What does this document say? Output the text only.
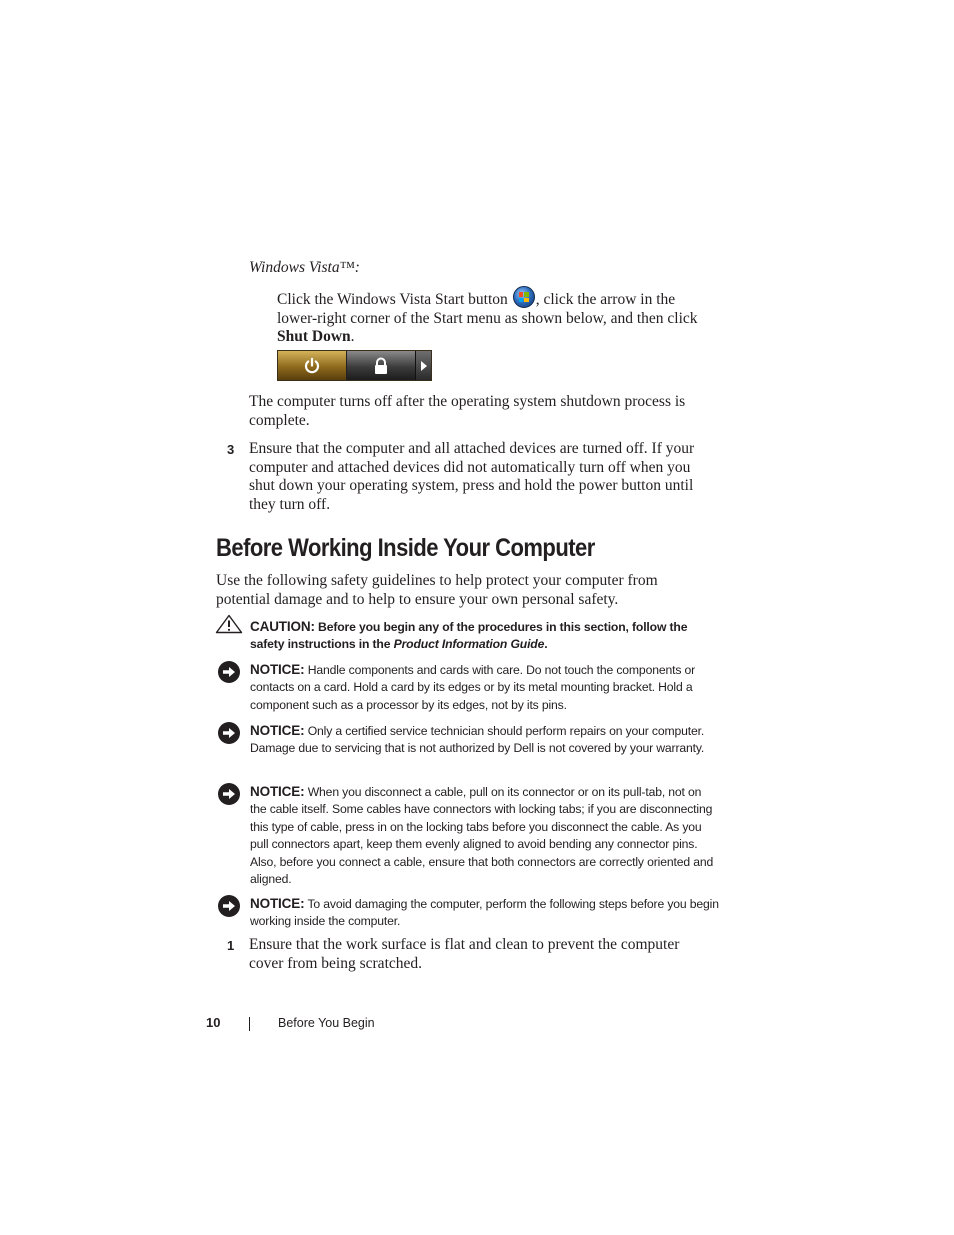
Windows Vista™:
Click the Windows Vista Start button , click the arrow in the lower-right corner of the Start menu as shown below, and then click Shut Down.
The computer turns off after the operating system shutdown process is complete.
3 Ensure that the computer and all attached devices are turned off. If your computer and attached devices did not automatically turn off when you shut down your operating system, press and hold the power button until they turn off.
Before Working Inside Your Computer
Use the following safety guidelines to help protect your computer from potential damage and to help to ensure your own personal safety.
CAUTION: Before you begin any of the procedures in this section, follow the safety instructions in the Product Information Guide.
NOTICE: Handle components and cards with care. Do not touch the components or contacts on a card. Hold a card by its edges or by its metal mounting bracket. Hold a component such as a processor by its edges, not by its pins.
NOTICE: Only a certified service technician should perform repairs on your computer. Damage due to servicing that is not authorized by Dell is not covered by your warranty.
NOTICE: When you disconnect a cable, pull on its connector or on its pull-tab, not on the cable itself. Some cables have connectors with locking tabs; if you are disconnecting this type of cable, press in on the locking tabs before you disconnect the cable. As you pull connectors apart, keep them evenly aligned to avoid bending any connector pins. Also, before you connect a cable, ensure that both connectors are correctly oriented and aligned.
NOTICE: To avoid damaging the computer, perform the following steps before you begin working inside the computer.
1 Ensure that the work surface is flat and clean to prevent the computer cover from being scratched.
10	Before You Begin
